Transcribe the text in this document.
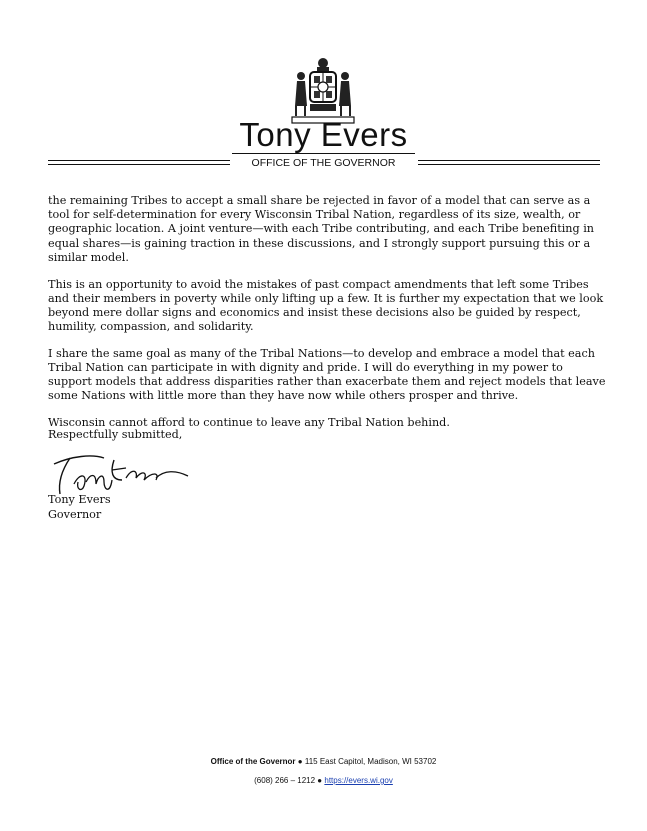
Tony Evers
OFFICE OF THE GOVERNOR

the remaining Tribes to accept a small share be rejected in favor of a model that can serve as a tool for self-determination for every Wisconsin Tribal Nation, regardless of its size, wealth, or geographic location. A joint venture—with each Tribe contributing, and each Tribe benefiting in equal shares—is gaining traction in these discussions, and I strongly support pursuing this or a similar model.

This is an opportunity to avoid the mistakes of past compact amendments that left some Tribes and their members in poverty while only lifting up a few. It is further my expectation that we look beyond mere dollar signs and economics and insist these decisions also be guided by respect, humility, compassion, and solidarity.

I share the same goal as many of the Tribal Nations—to develop and embrace a model that each Tribal Nation can participate in with dignity and pride. I will do everything in my power to support models that address disparities rather than exacerbate them and reject models that leave some Nations with little more than they have now while others prosper and thrive.

Wisconsin cannot afford to continue to leave any Tribal Nation behind.

Respectfully submitted,
Tony Evers
Governor
Office of the Governor ● 115 East Capitol, Madison, WI 53702
(608) 266 – 1212 ● https://evers.wi.gov
